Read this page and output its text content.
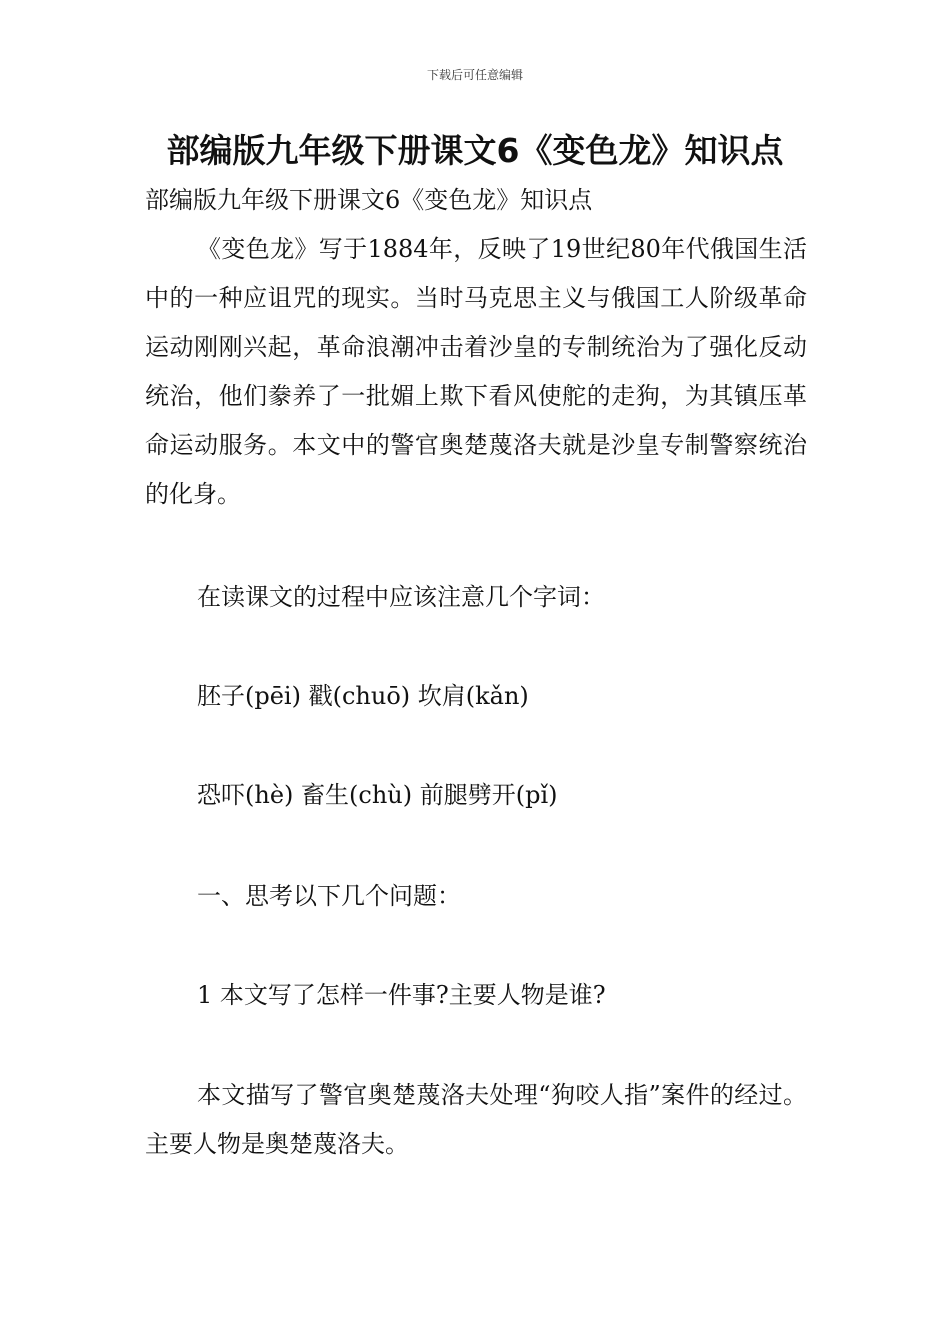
下载后可任意编辑
部编版九年级下册课文6《变色龙》知识点
部编版九年级下册课文6《变色龙》知识点
《变色龙》写于1884年，反映了19世纪80年代俄国生活中的一种应诅咒的现实。当时马克思主义与俄国工人阶级革命运动刚刚兴起，革命浪潮冲击着沙皇的专制统治为了强化反动统治，他们豢养了一批媚上欺下看风使舵的走狗，为其镇压革命运动服务。本文中的警官奥楚蔑洛夫就是沙皇专制警察统治的化身。
在读课文的过程中应该注意几个字词：
胚子(pēi) 戳(chuō) 坎肩(kǎn)
恐吓(hè) 畜生(chù) 前腿劈开(pǐ)
一、思考以下几个问题：
1 本文写了怎样一件事?主要人物是谁?
本文描写了警官奥楚蔑洛夫处理“狗咬人指”案件的经过。主要人物是奥楚蔑洛夫。
